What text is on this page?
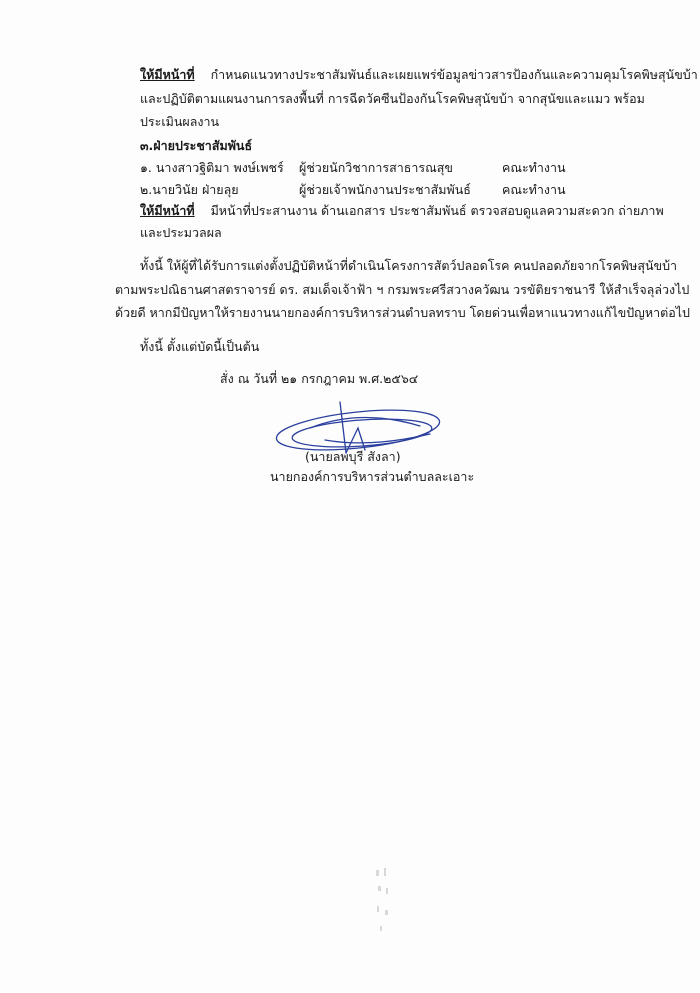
ให้มีหน้าที่ กำหนดแนวทางประชาสัมพันธ์และเผยแพร่ข้อมูลข่าวสารป้องกันและความคุมโรคพิษสุนัขบ้า
และปฏิบัติตามแผนงานการลงพื้นที่ การฉีดวัคซีนป้องกันโรคพิษสุนัขบ้า จากสุนัขและแมว พร้อม
ประเมินผลงาน
๓.ฝ่ายประชาสัมพันธ์
๑. นางสาวฐิติมา พงษ์เพชร์ ผู้ช่วยนักวิชาการสาธารณสุข	คณะทำงาน
๒.นายวินัย ฝ่ายลุย	ผู้ช่วยเจ้าพนักงานประชาสัมพันธ์ คณะทำงาน
ให้มีหน้าที่ มีหน้าที่ประสานงาน ด้านเอกสาร ประชาสัมพันธ์ ตรวจสอบดูแลความสะดวก ถ่ายภาพ
และประมวลผล
ทั้งนี้ ให้ผู้ที่ได้รับการแต่งตั้งปฏิบัติหน้าที่ดำเนินโครงการสัตว์ปลอดโรค คนปลอดภัยจากโรคพิษสุนัขบ้า
ตามพระปณิธานศาสตราจารย์ ดร. สมเด็จเจ้าฟ้า ฯ กรมพระศรีสวางควัฒน วรขัติยราชนารี ให้สำเร็จลุล่วงไป
ด้วยดี หากมีปัญหาให้รายงานนายกองค์การบริหารส่วนตำบลทราบ โดยด่วนเพื่อหาแนวทางแก้ไขปัญหาต่อไป
ทั้งนี้ ตั้งแต่บัดนี้เป็นต้น
สั่ง ณ วันที่ ๒๑ กรกฎาคม พ.ศ.๒๕๖๔
(นายลพบุรี สังลา)
นายกองค์การบริหารส่วนตำบลละเอาะ
